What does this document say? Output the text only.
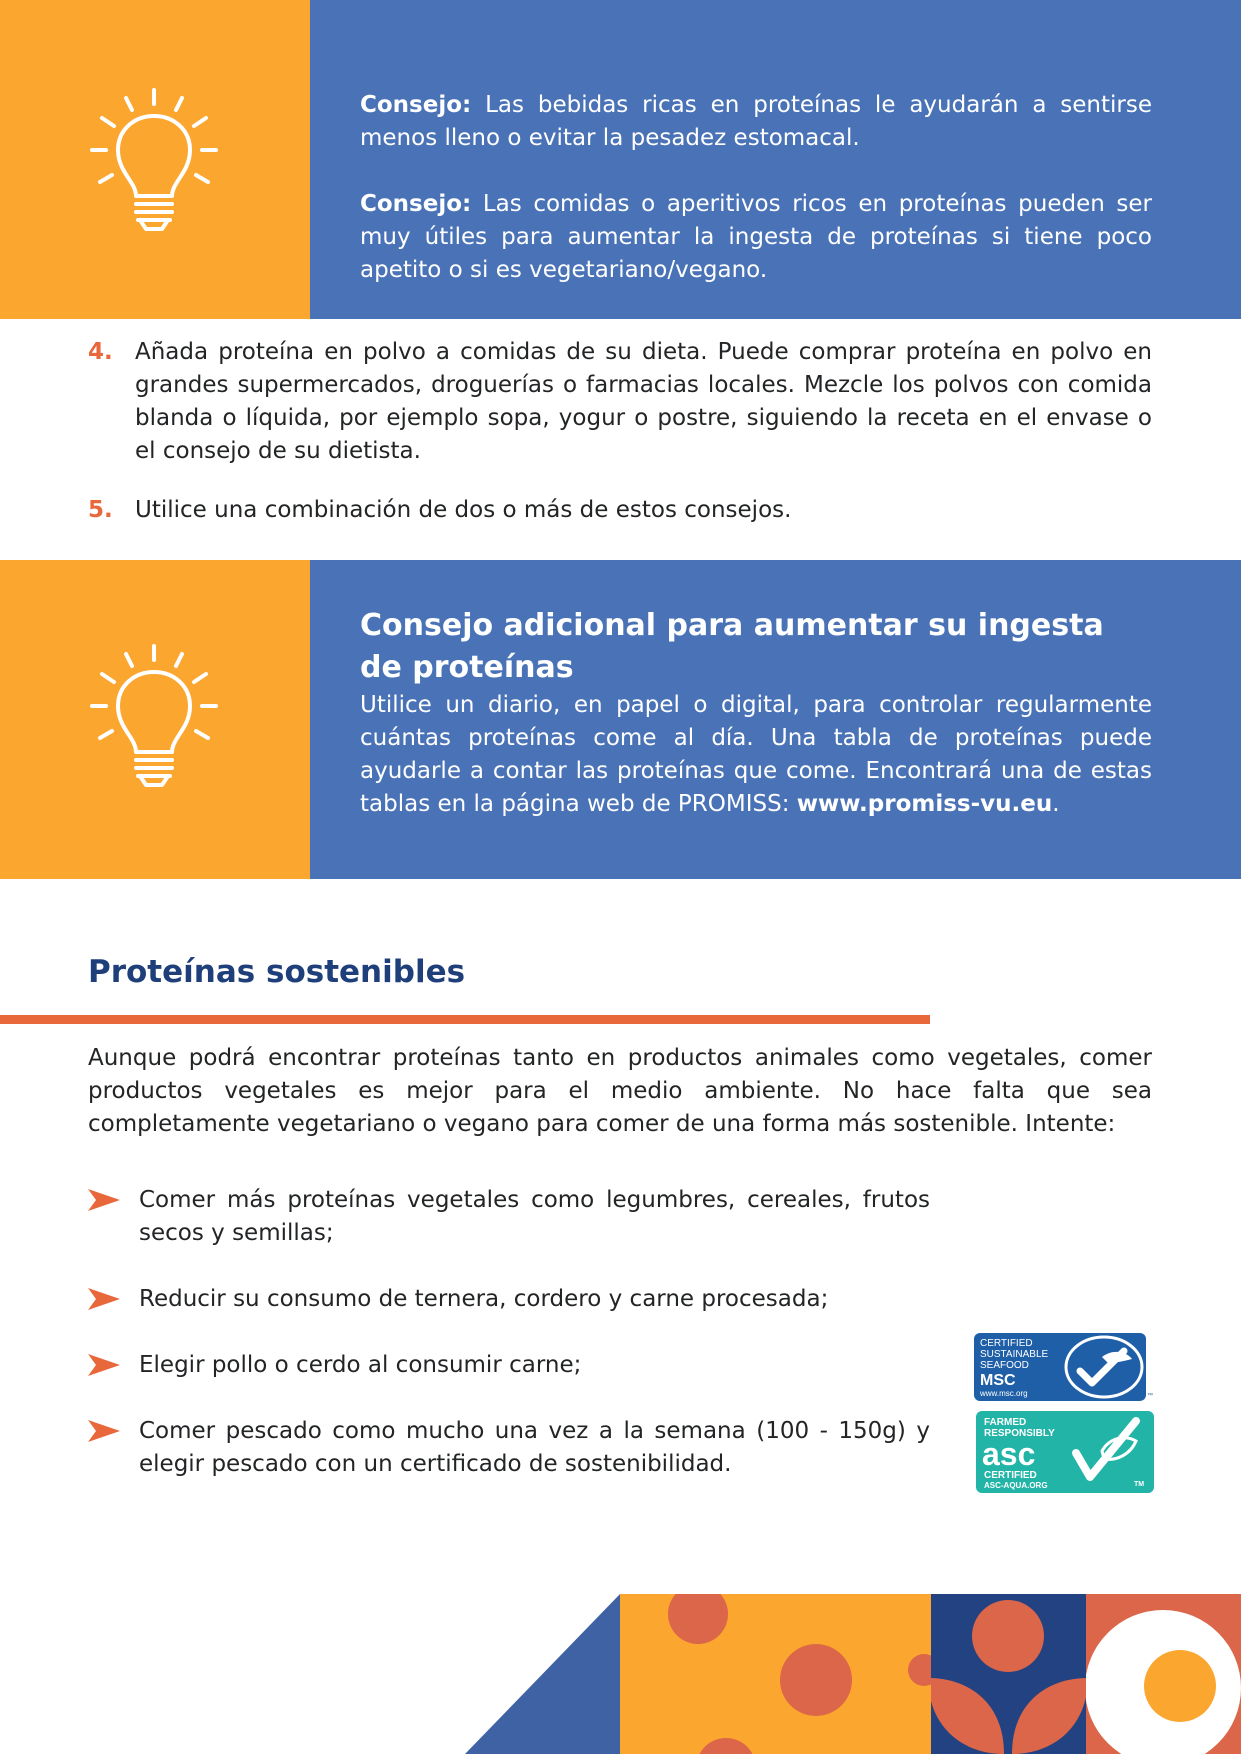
Consejo: Las bebidas ricas en proteínas le ayudarán a sentirse menos lleno o evitar la pesadez estomacal.

Consejo: Las comidas o aperitivos ricos en proteínas pueden ser muy útiles para aumentar la ingesta de proteínas si tiene poco apetito o si es vegetariano/vegano.

4. Añada proteína en polvo a comidas de su dieta. Puede comprar proteína en polvo en grandes supermercados, droguerías o farmacias locales. Mezcle los polvos con comida blanda o líquida, por ejemplo sopa, yogur o postre, siguiendo la receta en el envase o el consejo de su dietista.
5. Utilice una combinación de dos o más de estos consejos.

Consejo adicional para aumentar su ingesta de proteínas

Utilice un diario, en papel o digital, para controlar regularmente cuántas proteínas come al día. Una tabla de proteínas puede ayudarle a contar las proteínas que come. Encontrará una de estas tablas en la página web de PROMISS: www.promiss-vu.eu.

Proteínas sostenibles

Aunque podrá encontrar proteínas tanto en productos animales como vegetales, comer productos vegetales es mejor para el medio ambiente. No hace falta que sea completamente vegetariano o vegano para comer de una forma más sostenible. Intente:

Comer más proteínas vegetales como legumbres, cereales, frutos secos y semillas;
Reducir su consumo de ternera, cordero y carne procesada;
Elegir pollo o cerdo al consumir carne;
Comer pescado como mucho una vez a la semana (100 - 150g) y elegir pescado con un certificado de sostenibilidad.
CERTIFIED
SUSTAINABLE
SEAFOOD
MSC
www.msc.org	™
FARMED
RESPONSIBLY
asc
CERTIFIED
ASC-AQUA.ORG	TM
